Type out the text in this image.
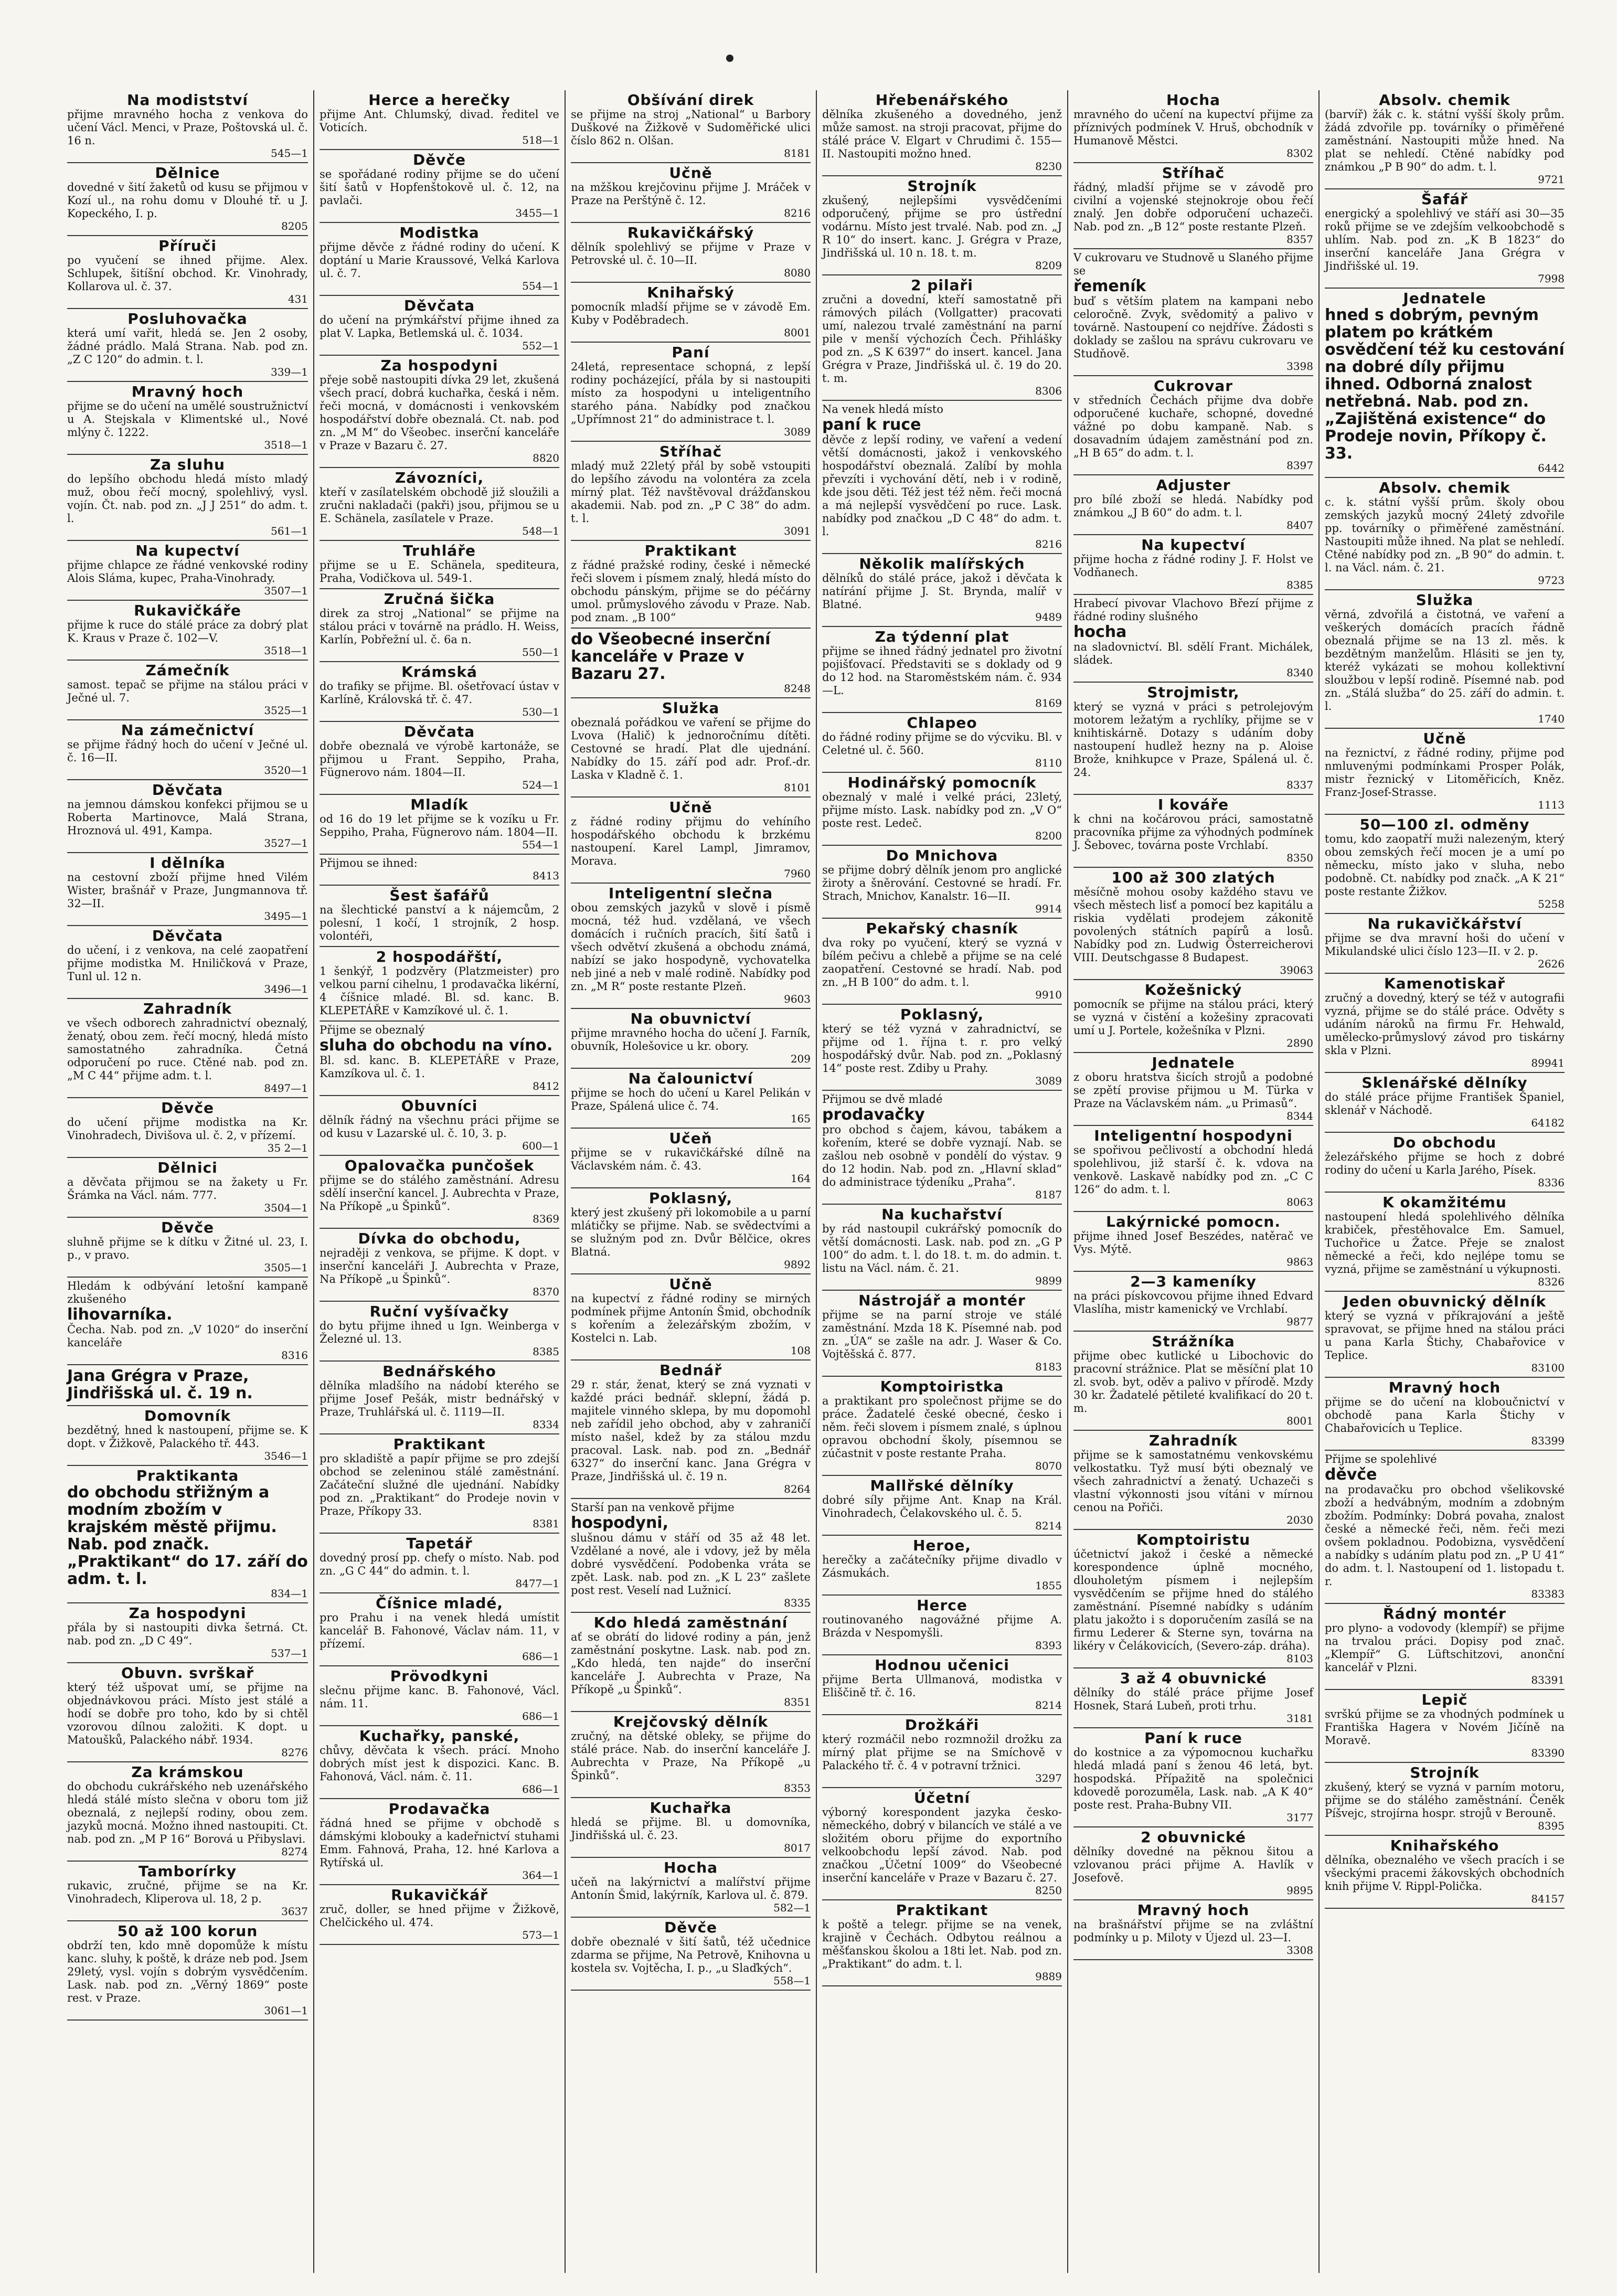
Na modistství

přijme mravného hocha z venkova do učení Václ. Menci, v Praze, Poštovská ul. č. 16 n.

545—1

Dělnice

dovedné v šití žaketů od kusu se přijmou v Kozí ul., na rohu domu v Dlouhé tř. u J. Kopeckého, I. p.

8205

Příruči

po vyučení se ihned přijme. Alex. Schlupek, šitíšní obchod. Kr. Vinohrady, Kollarova ul. č. 37.

431

Posluhovačka

která umí vařit, hledá se. Jen 2 osoby, žádné prádlo. Malá Strana. Nab. pod zn. „Z C 120“ do admin. t. l.

339—1

Mravný hoch

přijme se do učení na umělé soustružnictví u A. Stejskala v Klimentské ul., Nové mlýny č. 1222.

3518—1

Za sluhu

do lepšího obchodu hledá místo mladý muž, obou řečí mocný, spolehlivý, vysl. vojín. Čt. nab. pod zn. „J J 251“ do adm. t. l.

561—1

Na kupectví

přijme chlapce ze řádné venkovské rodiny Alois Sláma, kupec, Praha-Vinohrady.

3507—1

Rukavičkáře

přijme k ruce do stálé práce za dobrý plat K. Kraus v Praze č. 102—V.

3518—1

Zámečník

samost. tepač se přijme na stálou práci v Ječné ul. 7.

3525—1

Na zámečnictví

se přijme řádný hoch do učení v Ječné ul. č. 16—II.

3520—1

Děvčata

na jemnou dámskou konfekci přijmou se u Roberta Martinovce, Malá Strana, Hroznová ul. 491, Kampa.

3527—1

I dělníka

na cestovní zboží přijme hned Vilém Wister, brašnář v Praze, Jungmannova tř. 32—II.

3495—1

Děvčata

do učení, i z venkova, na celé zaopatření přijme modistka M. Hniličková v Praze, Tunl ul. 12 n.

3496—1

Zahradník

ve všech odborech zahradnictví obeznalý, ženatý, obou zem. řečí mocný, hledá místo samostatného zahradníka. Četná odporučení po ruce. Ctěné nab. pod zn. „M C 44“ přijme adm. t. l.

8497—1

Děvče

do učení přijme modistka na Kr. Vinohradech, Divišova ul. č. 2, v přízemí.

35 2—1

Dělnici

a děvčata přijmou se na žakety u Fr. Šrámka na Václ. nám. 777.

3504—1

Děvče

sluhně přijme se k dítku v Žitné ul. 23, I. p., v pravo.

3505—1

Hledám k odbývání letošní kampaně zkušeného

lihovarníka.

Čecha. Nab. pod zn. „V 1020“ do inserční kanceláře

8316

Jana Grégra v Praze, Jindřišská ul. č. 19 n.

Domovník

bezdětný, hned k nastoupení, přijme se. K dopt. v Žižkově, Palackého tř. 443.

3546—1

Praktikanta

do obchodu střižným a modním zbožím v krajském městě přijmu. Nab. pod značk. „Praktikant“ do 17. září do adm. t. l.

834—1

Za hospodyni

přála by si nastoupiti divka šetrná. Ct. nab. pod zn. „D C 49“.

537—1

Obuvn. svrškař

který též ušpovat umí, se přijme na objednávkovou práci. Místo jest stálé a hodí se dobře pro toho, kdo by si chtěl vzorovou dílnou založiti. K dopt. u Matoušků, Palackého nábř. 1934.

8276

Za krámskou

do obchodu cukrářského neb uzenářského hledá stálé místo slečna v oboru tom již obeznalá, z nejlepší rodiny, obou zem. jazyků mocná. Možno ihned nastoupiti. Ct. nab. pod zn. „M P 16“ Borová u Přibyslavi.

8274

Tamborírky

rukavic, zručné, přijme se na Kr. Vinohradech, Kliperova ul. 18, 2 p.

3637

50 až 100 korun

obdrží ten, kdo mně dopomůže k místu kanc. sluhy, k poště, k dráze neb pod. Jsem 29letý, vysl. vojín s dobrým vysvědčením. Lask. nab. pod zn. „Věrný 1869“ poste rest. v Praze.

3061—1

Herce a herečky

přijme Ant. Chlumský, divad. ředitel ve Voticích.

518—1

Děvče

se spořádané rodiny přijme se do učení šití šatů v Hopfenštokově ul. č. 12, na pavlači.

3455—1

Modistka

přijme děvče z řádné rodiny do učení. K doptání u Marie Kraussové, Velká Karlova ul. č. 7.

554—1

Děvčata

do učení na prýmkářství přijme ihned za plat V. Lapka, Betlemská ul. č. 1034.

552—1

Za hospodyni

přeje sobě nastoupiti dívka 29 let, zkušená všech prací, dobrá kuchařka, česká i něm. řeči mocná, v domácnosti i venkovském hospodářství dobře obeznalá. Ct. nab. pod zn. „M M“ do Všeobec. inserční kanceláře v Praze v Bazaru č. 27.

8820

Závozníci,

kteří v zasílatelském obchodě již sloužili a zručni nakladači (pakři) jsou, přijmou se u E. Schänela, zasílatele v Praze.

548—1

Truhláře

přijme se u E. Schänela, spediteura, Praha, Vodičkova ul. 549-1.

Zručná šička

direk za stroj „National“ se přijme na stálou práci v továrně na prádlo. H. Weiss, Karlín, Pobřežní ul. č. 6a n.

550—1

Krámská

do trafiky se přijme. Bl. ošetřovací ústav v Karlíně, Královská tř. č. 47.

530—1

Děvčata

dobře obeznalá ve výrobě kartonáže, se přijmou u Frant. Seppiho, Praha, Fügnerovo nám. 1804—II.

524—1

Mladík

od 16 do 19 let přijme se k vozíku u Fr. Seppiho, Praha, Fügnerovo nám. 1804—II.

554—1

Přijmou se ihned:

8413

Šest šafářů

na šlechtické panství a k nájemcům, 2 polesní, 1 kočí, 1 strojník, 2 hosp. volontéři,

2 hospodářští,

1 šenkýř, 1 podzvěry (Platzmeister) pro velkou parní cihelnu, 1 prodavačka likérní, 4 číšnice mladé. Bl. sd. kanc. B. KLEPETÁŘE v Kamzíkové ul. č. 1.

Přijme se obeznalý

sluha do obchodu na víno.

Bl. sd. kanc. B. KLEPETÁŘE v Praze, Kamzíkova ul. č. 1.

8412

Obuvníci

dělník řádný na všechnu práci přijme se od kusu v Lazarské ul. č. 10, 3. p.

600—1

Opalovačka punčošek

přijme se do stálého zaměstnání. Adresu sdělí inserční kancel. J. Aubrechta v Praze, Na Příkopě „u Špinků“.

8369

Dívka do obchodu,

nejraději z venkova, se přijme. K dopt. v inserční kanceláři J. Aubrechta v Praze, Na Příkopě „u Špinků“.

8370

Ruční vyšívačky

do bytu přijme ihned u Ign. Weinberga v Železné ul. 13.

8385

Bednářského

dělníka mladšího na nádobí kterého se přijme Josef Pešák, mistr bednářský v Praze, Truhlářská ul. č. 1119—II.

8334

Praktikant

pro skladiště a papír přijme se pro zdejší obchod se zeleninou stálé zaměstnání. Začáteční služné dle ujednání. Nabídky pod zn. „Praktikant“ do Prodeje novin v Praze, Příkopy 33.

8381

Tapetář

dovedný prosí pp. chefy o místo. Nab. pod zn. „G C 44“ do admin. t. l.

8477—1

Číšnice mladé,

pro Prahu i na venek hledá umístit kancelář B. Fahonové, Václav nám. 11, v přízemí.

686—1

Prövodkyni

slečnu přijme kanc. B. Fahonové, Václ. nám. 11.

686—1

Kuchařky, panské,

chůvy, děvčata k všech. prácí. Mnoho dobrých míst jest k dispozici. Kanc. B. Fahonová, Václ. nám. č. 11.

686—1

Prodavačka

řádná hned se přijme v obchodě s dámskými klobouky a kadeřnictví stuhami Emm. Fahnová, Praha, 12. hné Karlova a Rytířská ul.

364—1

Rukavičkář

zruč, doller, se hned přijme v Žižkově, Chelčického ul. 474.

573—1

Obšívání direk

se přijme na stroj „National“ u Barbory Duškové na Žižkově v Sudoměřické ulici číslo 862 n. Olšan.

8181

Učně

na mžškou krejčovinu přijme J. Mráček v Praze na Perštýně č. 12.

8216

Rukavičkářský

dělník spolehlivý se přijme v Praze v Petrovské ul. č. 10—II.

8080

Knihařský

pomocník mladší přijme se v závodě Em. Kuby v Poděbradech.

8001

Paní

24letá, representace schopná, z lepší rodiny pocházející, přála by si nastoupiti místo za hospodyni u inteligentního starého pána. Nabídky pod značkou „Upřímnost 21“ do administrace t. l.

3089

Stříhač

mladý muž 22letý přál by sobě vstoupiti do lepšího závodu na volontéra za zcela mírný plat. Též navštěvoval drážďanskou akademii. Nab. pod zn. „P C 38“ do adm. t. l.

3091

Praktikant

z řádné pražské rodiny, české i německé řeči slovem i písmem znalý, hledá místo do obchodu pánským, přijme se do péčárny umol. průmyslového závodu v Praze. Nab. pod znam. „B 100“

do Všeobecné inserční kanceláře v Praze v Bazaru 27.

8248

Služka

obeznalá pořádkou ve vaření se přijme do Lvova (Halič) k jednoročnímu dítěti. Cestovné se hradí. Plat dle ujednání. Nabídky do 15. září pod adr. Prof.-dr. Laska v Kladně č. 1.

8101

Učně

z řádné rodiny přijmu do vehíního hospodářského obchodu k brzkému nastoupení. Karel Lampl, Jimramov, Morava.

7960

Inteligentní slečna

obou zemských jazyků v slově i písmě mocná, též hud. vzdělaná, ve všech domácích i ručních pracích, šití šatů i všech odvětví zkušená a obchodu známá, nabízí se jako hospodyně, vychovatelka neb jiné a neb v malé rodině. Nabídky pod zn. „M R“ poste restante Plzeň.

9603

Na obuvnictví

přijme mravného hocha do učení J. Farník, obuvník, Holešovice u kr. obory.

209

Na čalounictví

přijme se hoch do učení u Karel Pelikán v Praze, Spálená ulice č. 74.

165

Učeň

přijme se v rukavičkářské dílně na Václavském nám. č. 43.

164

Poklasný,

který jest zkušený při lokomobile a u parní mlátičky se přijme. Nab. se svědectvími a se služným pod zn. Dvůr Bělčice, okres Blatná.

9892

Učně

na kupectví z řádné rodiny se mirných podmínek přijme Antonín Šmid, obchodník s kořením a železářským zbožím, v Kostelci n. Lab.

108

Bednář

29 r. stár, ženat, který se zná vyznati v každé práci bednář. sklepní, žádá p. majitele vinného sklepa, by mu dopomohl neb zařídil jeho obchod, aby v zahraničí místo našel, kdež by za stálou mzdu pracoval. Lask. nab. pod zn. „Bednář 6327“ do inserční kanc. Jana Grégra v Praze, Jindřišská ul. č. 19 n.

8264

Starší pan na venkově přijme

hospodyni,

slušnou dámu v stáří od 35 až 48 let. Vzdělané a nové, ale i vdovy, jež by měla dobré vysvědčení. Podobenka vráta se zpět. Lask. nab. pod zn. „K L 23“ zašlete post rest. Veselí nad Lužnicí.

8335

Kdo hledá zaměstnání

ať se obrátí do lidové rodiny a pán, jenž zaměstnání poskytne. Lask. nab. pod zn. „Kdo hledá, ten najde“ do inserční kanceláře J. Aubrechta v Praze, Na Příkopě „u Špinků“.

8351

Krejčovský dělník

zručný, na dětské obleky, se přijme do stálé práce. Nab. do inserční kanceláře J. Aubrechta v Praze, Na Příkopě „u Špinků“.

8353

Kuchařka

hledá se přijme. Bl. u domovníka, Jindřišská ul. č. 23.

8017

Hocha

učeň na lakýrnictví a malířství přijme Antonín Šmid, lakýrník, Karlova ul. č. 879.

582—1

Děvče

dobře obeznalé v šití šatů, též učednice zdarma se přijme, Na Petrově, Knihovna u kostela sv. Vojtěcha, I. p., „u Slaďkých“.

558—1

Hřebenářského

dělníka zkušeného a dovedného, jenž může samost. na stroji pracovat, přijme do stálé práce V. Elgart v Chrudimi č. 155—II. Nastoupiti možno hned.

8230

Strojník

zkušený, nejlepšími vysvědčeními odporučený, přijme se pro ústřední vodárnu. Místo jest trvalé. Nab. pod zn. „J R 10“ do insert. kanc. J. Grégra v Praze, Jindřišská ul. 10 n. 18. t. m.

8209

2 pilaři

zručni a dovední, kteří samostatně při rámových pilách (Vollgatter) pracovati umí, nalezou trvalé zaměstnání na parní pile v menší výchozích Čech. Přihlášky pod zn. „S K 6397“ do insert. kancel. Jana Grégra v Praze, Jindřišská ul. č. 19 do 20. t. m.

8306

Na venek hledá místo

paní k ruce

děvče z lepší rodiny, ve vaření a vedení větší domácnosti, jakož i venkovského hospodářství obeznalá. Zalíbí by mohla převzíti i vychování dětí, neb i v rodině, kde jsou děti. Též jest též něm. řeči mocná a má nejlepší vysvědčení po ruce. Lask. nabídky pod značkou „D C 48“ do adm. t. l.

8216

Několik malířských

dělníků do stálé práce, jakož i děvčata k natírání přijme J. St. Brynda, malíř v Blatné.

9489

Za týdenní plat

přijme se ihned řádný jednatel pro životní pojišťovací. Představiti se s doklady od 9 do 12 hod. na Staroměstském nám. č. 934—L.

8169

Chlapeo

do řádné rodiny přijme se do výcviku. Bl. v Celetné ul. č. 560.

8110

Hodinářský pomocník

obeznalý v malé i velké práci, 23letý, přijme místo. Lask. nabídky pod zn. „V O“ poste rest. Ledeč.

8200

Do Mnichova

se přijme dobrý dělník jenom pro anglické žiroty a šněrování. Cestovné se hradí. Fr. Strach, Mnichov, Kanalstr. 16—II.

9914

Pekařský chasník

dva roky po vyučení, který se vyzná v bílém pečivu a chlebě a přijme se na celé zaopatření. Cestovné se hradí. Nab. pod zn. „H B 100“ do adm. t. l.

9910

Poklasný,

který se též vyzná v zahradnictví, se přijme od 1. října t. r. pro velký hospodářský dvůr. Nab. pod zn. „Poklasný 14“ poste rest. Zdiby u Prahy.

3089

Přijmou se dvě mladé

prodavačky

pro obchod s čajem, kávou, tabákem a kořením, které se dobře vyznají. Nab. se zašlou neb osobně v pondělí do výstav. 9 do 12 hodin. Nab. pod zn. „Hlavní sklad“ do administrace týdeníku „Praha“.

8187

Na kuchařství

by rád nastoupil cukrářský pomocník do větší domácnosti. Lask. nab. pod zn. „G P 100“ do adm. t. l. do 18. t. m. do admin. t. listu na Václ. nám. č. 21.

9899

Nástrojář a montér

přijme se na parní stroje ve stálé zaměstnání. Mzda 18 K. Písemné nab. pod zn. „ÚA“ se zašle na adr. J. Waser & Co. Vojtěšská č. 877.

8183

Komptoiristka

a praktikant pro společnost přijme se do práce. Žadatelé české obecné, česko i něm. řeči slovem i písmem znalé, s úplnou opravou obchodní školy, písemnou se zúčastnit v poste restante Praha.

8070

Mallřské dělníky

dobré síly přijme Ant. Knap na Král. Vinohradech, Čelakovského ul. č. 5.

8214

Heroe,

herečky a začátečníky přijme divadlo v Zásmukách.

1855

Herce

routinovaného nagovážné přijme A. Brázda v Nespomyšli.

8393

Hodnou učenici

přijme Berta Ullmanová, modistka v Eliščině tř. č. 16.

8214

Drožkáři

který rozmáčil nebo rozmnožil drožku za mírný plat přijme se na Smíchově v Palackého tř. č. 4 v potravní tržnici.

3297

Účetní

výborný korespondent jazyka česko-německého, dobrý v bilancích ve stálé a ve složitém oboru přijme do exportního velkoobchodu lepší závod. Nab. pod značkou „Účetní 1009“ do Všeobecné inserční kanceláře v Praze v Bazaru č. 27.

8250

Praktikant

k poště a telegr. přijme se na venek, krajině v Čechách. Odbytou reálnou a měšťanskou školou a 18ti let. Nab. pod zn. „Praktikant“ do adm. t. l.

9889

Hocha

mravného do učení na kupectví přijme za příznivých podmínek V. Hruš, obchodník v Humanově Městci.

8302

Stříhač

řádný, mladší přijme se v závodě pro civilní a vojenské stejnokroje obou řečí znalý. Jen dobře odporučení uchazeči. Nab. pod zn. „B 12“ poste restante Plzeň.

8357

V cukrovaru ve Studnově u Slaného přijme se

řemeník

buď s větším platem na kampani nebo celoročně. Zvyk, svědomitý a palivo v továrně. Nastoupení co nejdříve. Žádosti s doklady se zašlou na správu cukrovaru ve Studňově.

3398

Cukrovar

v středních Čechách přijme dva dobře odporučené kuchaře, schopné, dovedné vážné po dobu kampaně. Nab. s dosavadním údajem zaměstnání pod zn. „H B 65“ do adm. t. l.

8397

Adjuster

pro bílé zboží se hledá. Nabídky pod známkou „J B 60“ do adm. t. l.

8407

Na kupectví

přijme hocha z řádné rodiny J. F. Holst ve Vodňanech.

8385

Hrabecí pivovar Vlachovo Březí přijme z řádné rodiny slušného

hocha

na sladovnictví. Bl. sdělí Frant. Michálek, sládek.

8340

Strojmistr,

který se vyzná v práci s petrolejovým motorem ležatým a rychlíky, přijme se v knihtiskárně. Dotazy s udáním doby nastoupení hudlež hezny na p. Aloise Brože, knihkupce v Praze, Spálená ul. č. 24.

8337

I kováře

k chni na kočárovou práci, samostatně pracovníka přijme za výhodných podmínek J. Šebovec, továrna poste Vrchlabí.

8350

100 až 300 zlatých

měsíčně mohou osoby každého stavu ve všech městech lisť a pomocí bez kapitálu a riskia vydělati prodejem zákonitě povolených státních papírů a losů. Nabídky pod zn. Ludwig Österreicherovi VIII. Deutschgasse 8 Budapest.

39063

Kožešnický

pomocník se přijme na stálou práci, který se vyzná v čistění a kožešiny zpracovati umí u J. Portele, kožešníka v Plzni.

2890

Jednatele

z oboru hratstva šicích strojů a podobné se zpětí provise přijmou u M. Türka v Praze na Václavském nám. „u Primasů“.

8344

Inteligentní hospodyni

se spořivou pečlivostí a obchodní hledá spolehlivou, již starší č. k. vdova na venkově. Laskavě nabídky pod zn. „C C 126“ do adm. t. l.

8063

Lakýrnické pomocn.

přijme ihned Josef Beszédes, natěrač ve Vys. Mýtě.

9863

2—3 kameníky

na práci pískovcovou přijme ihned Edvard Vlaslíha, mistr kamenický ve Vrchlabí.

9877

Strážníka

přijme obec kutlické u Libochovic do pracovní strážnice. Plat se měsíční plat 10 zl. svob. byt, oděv a palivo v přírodě. Mzdy 30 kr. Žadatelé pětileté kvalifikací do 20 t. m.

8001

Zahradník

přijme se k samostatnému venkovskému velkostatku. Tyž musí býti obeznalý ve všech zahradnictví a ženatý. Uchazeči s vlastní výkonnosti jsou vítáni v mírnou cenou na Pořiči.

2030

Komptoiristu

účetnictví jakož i české a německé korespondence úplně mocného, dlouholetým písmem i nejlepším vysvědčením se přijme hned do stálého zaměstnání. Písemné nabídky s udáním platu jakožto i s doporučením zasílá se na firmu Lederer & Sterne syn, továrna na likéry v Čelákovicích, (Severo-záp. dráha).

8103

3 až 4 obuvnické

dělníky do stálé práce přijme Josef Hosnek, Stará Lubeň, proti trhu.

3181

Paní k ruce

do kostnice a za výpomocnou kuchařku hledá mladá paní s ženou 46 letá, byt. hospodská. Přípažitě na společnici kdovedě porozuměla, Lask. nab. „A K 40“ poste rest. Praha-Bubny VII.

3177

2 obuvnické

dělníky dovedné na pěknou šitou a vzlovanou práci přijme A. Havlík v Josefově.

9895

Mravný hoch

na brašnářství přijme se na zvláštní podmínky u p. Miloty v Újezd ul. 23—I.

3308

Absolv. chemik

(barvíř) žák c. k. státní vyšší školy prům. žádá zdvořile pp. továrníky o přiměřené zaměstnání. Nastoupiti může hned. Na plat se nehledí. Ctěné nabídky pod známkou „P B 90“ do adm. t. l.

9721

Šafář

energický a spolehlivý ve stáří asi 30—35 roků přijme se ve zdejším velkoobchodě s uhlím. Nab. pod zn. „K B 1823“ do inserční kanceláře Jana Grégra v Jindřišské ul. 19.

7998

Jednatele

hned s dobrým, pevným platem po krátkém osvědčení též ku cestování na dobré díly přijmu ihned. Odborná znalost netřebná. Nab. pod zn. „Zajištěná existence“ do Prodeje novin, Příkopy č. 33.

6442

Absolv. chemik

c. k. státní vyšší prům. školy obou zemských jazyků mocný 24letý zdvořile pp. továrníky o přiměřené zaměstnání. Nastoupiti může ihned. Na plat se nehledí. Ctěné nabídky pod zn. „B 90“ do admin. t. l. na Václ. nám. č. 21.

9723

Služka

věrná, zdvořilá a čistotná, ve vaření a veškerých domácích pracích řádně obeznalá přijme se na 13 zl. měs. k bezdětným manželům. Hlásiti se jen ty, kteréž vykázati se mohou kollektivní sloužbou v lepší rodině. Písemné nab. pod zn. „Stálá služba“ do 25. září do admin. t. l.

1740

Učně

na řeznictví, z řádné rodiny, přijme pod nmluvenými podmínkami Prosper Polák, mistr řeznický v Litoměřicích, Kněz. Franz-Josef-Strasse.

1113

50—100 zl. odměny

tomu, kdo zaopatří muži nalezeným, který obou zemských řečí mocen je a umí po německu, místo jako v sluha, nebo podobně. Ct. nabídky pod značk. „A K 21“ poste restante Žižkov.

5258

Na rukavičkářství

přijme se dva mravní hoši do učení v Mikulandské ulici číslo 123—II. v 2. p.

2626

Kamenotiskař

zručný a dovedný, který se též v autografii vyzná, přijme se do stálé práce. Odvěty s udáním nároků na firmu Fr. Hehwald, umělecko-průmyslový závod pro tiskárny skla v Plzni.

89941

Sklenářské dělníky

do stálé práce přijme František Španiel, sklenář v Náchodě.

64182

Do obchodu

železářského přijme se hoch z dobré rodiny do učení u Karla Jarého, Písek.

8336

K okamžitému

nastoupení hledá spolehlivého dělníka krabiček, přestěhovalce Em. Samuel, Tuchořice u Žatce. Přeje se znalost německé a řeči, kdo nejlépe tomu se vyzná, přijme se zaměstnání u výkupnosti.

8326

Jeden obuvnický dělník

který se vyzná v příkrajování a ještě spravovat, se přijme hned na stálou práci u pana Karla Štichy, Chabařovice v Teplice.

83100

Mravný hoch

přijme se do učení na kloboučnictví v obchodě pana Karla Štichy v Chabařovicích u Teplice.

83399

Přijme se spolehlivé

děvče

na prodavačku pro obchod všelikovské zboží a hedvábným, modním a zdobným zbožím. Podmínky: Dobrá povaha, znalost české a německé řeči, něm. řeči mezi ovšem pokladnou. Podobizna, vysvědčení a nabídky s udáním platu pod zn. „P U 41“ do adm. t. l. Nastoupení od 1. listopadu t. r.

83383

Řádný montér

pro plyno- a vodovody (klempíř) se přijme na trvalou práci. Dopisy pod znač. „Klempíř“ G. Lüftschitzovi, anonční kancelář v Plzni.

83391

Lepič

svrškú přijme se za vhodných podmínek u Františka Hagera v Novém Jičíně na Moravě.

83390

Strojník

zkušený, který se vyzná v parním motoru, přijme se do stálého zaměstnání. Čeněk Píšvejc, strojírna hospr. strojů v Berouně.

8395

Knihařského

dělníka, obeznalého ve všech pracích i se všeckými pracemi žákovských obchodních knih přijme V. Rippl-Polička.

84157
